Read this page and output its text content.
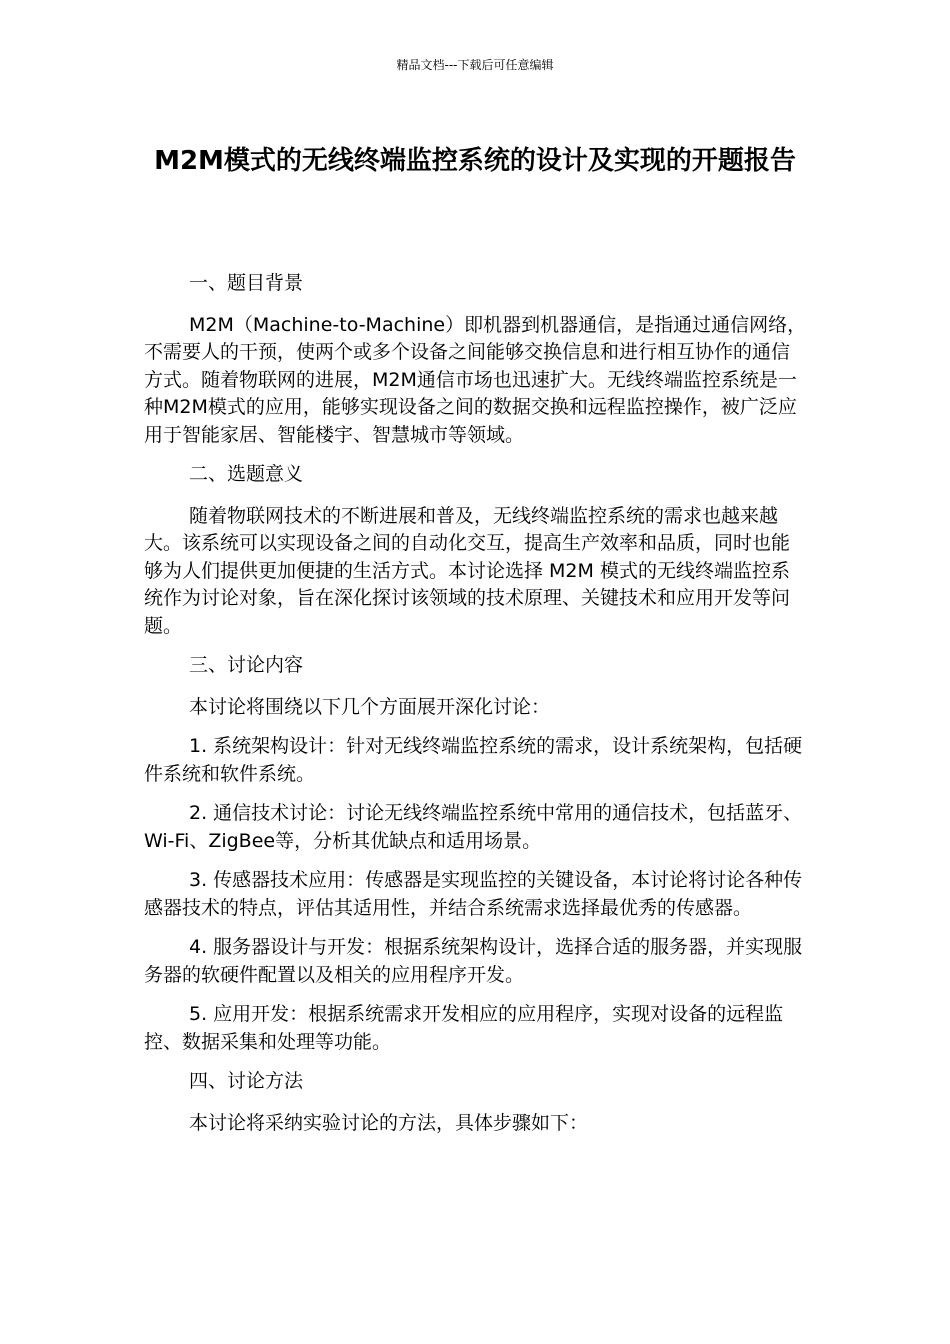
精品文档---下载后可任意编辑
M2M模式的无线终端监控系统的设计及实现的开题报告

一、题目背景

M2M（Machine-to-Machine）即机器到机器通信，是指通过通信网络，不需要人的干预，使两个或多个设备之间能够交换信息和进行相互协作的通信方式。随着物联网的进展，M2M通信市场也迅速扩大。无线终端监控系统是一种M2M模式的应用，能够实现设备之间的数据交换和远程监控操作，被广泛应用于智能家居、智能楼宇、智慧城市等领域。

二、选题意义

随着物联网技术的不断进展和普及，无线终端监控系统的需求也越来越大。该系统可以实现设备之间的自动化交互，提高生产效率和品质，同时也能够为人们提供更加便捷的生活方式。本讨论选择 M2M 模式的无线终端监控系统作为讨论对象，旨在深化探讨该领域的技术原理、关键技术和应用开发等问题。

三、讨论内容

本讨论将围绕以下几个方面展开深化讨论：

1. 系统架构设计：针对无线终端监控系统的需求，设计系统架构，包括硬件系统和软件系统。

2. 通信技术讨论：讨论无线终端监控系统中常用的通信技术，包括蓝牙、Wi-Fi、ZigBee等，分析其优缺点和适用场景。

3. 传感器技术应用：传感器是实现监控的关键设备，本讨论将讨论各种传感器技术的特点，评估其适用性，并结合系统需求选择最优秀的传感器。

4. 服务器设计与开发：根据系统架构设计，选择合适的服务器，并实现服务器的软硬件配置以及相关的应用程序开发。

5. 应用开发：根据系统需求开发相应的应用程序，实现对设备的远程监控、数据采集和处理等功能。

四、讨论方法

本讨论将采纳实验讨论的方法，具体步骤如下：
